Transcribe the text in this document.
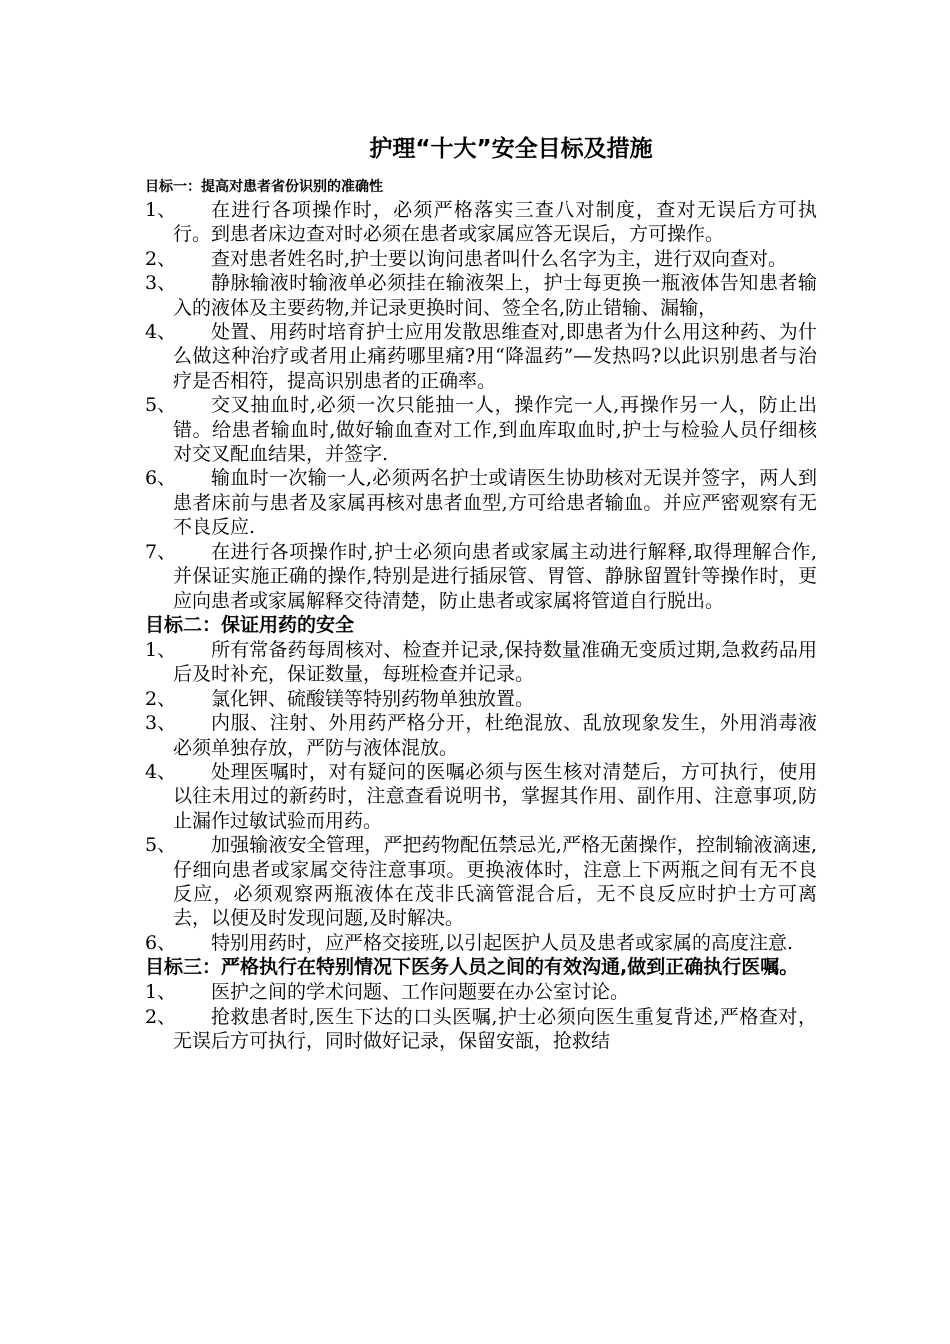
护理“十大”安全目标及措施

目标一：提高对患者省份识别的准确性

1、	在进行各项操作时，必须严格落实三查八对制度，查对无误后方可执行。到患者床边查对时必须在患者或家属应答无误后，方可操作。
2、	查对患者姓名时,护士要以询问患者叫什么名字为主，进行双向查对。
3、	静脉输液时输液单必须挂在输液架上，护士每更换一瓶液体告知患者输入的液体及主要药物,并记录更换时间、签全名,防止错输、漏输，
4、	处置、用药时培育护士应用发散思维查对,即患者为什么用这种药、为什么做这种治疗或者用止痛药哪里痛?用“降温药”—发热吗?以此识别患者与治疗是否相符，提高识别患者的正确率。
5、	交叉抽血时,必须一次只能抽一人，操作完一人,再操作另一人，防止出错。给患者输血时,做好输血查对工作,到血库取血时,护士与检验人员仔细核对交叉配血结果，并签字.
6、	输血时一次输一人,必须两名护士或请医生协助核对无误并签字，两人到患者床前与患者及家属再核对患者血型,方可给患者输血。并应严密观察有无不良反应.
7、	在进行各项操作时,护士必须向患者或家属主动进行解释,取得理解合作,并保证实施正确的操作,特别是进行插尿管、胃管、静脉留置针等操作时，更应向患者或家属解释交待清楚，防止患者或家属将管道自行脱出。

目标二：保证用药的安全

1、	所有常备药每周核对、检查并记录,保持数量准确无变质过期,急救药品用后及时补充，保证数量，每班检查并记录。
2、	氯化钾、硫酸镁等特别药物单独放置。
3、	内服、注射、外用药严格分开，杜绝混放、乱放现象发生，外用消毒液必须单独存放，严防与液体混放。
4、	处理医嘱时，对有疑问的医嘱必须与医生核对清楚后，方可执行，使用以往未用过的新药时，注意查看说明书，掌握其作用、副作用、注意事项,防止漏作过敏试验而用药。
5、	加强输液安全管理，严把药物配伍禁忌光,严格无菌操作，控制输液滴速,仔细向患者或家属交待注意事项。更换液体时，注意上下两瓶之间有无不良反应，必须观察两瓶液体在茂非氏滴管混合后，无不良反应时护士方可离去，以便及时发现问题,及时解决。
6、	特别用药时，应严格交接班,以引起医护人员及患者或家属的高度注意.

目标三：严格执行在特别情况下医务人员之间的有效沟通,做到正确执行医嘱。

1、	医护之间的学术问题、工作问题要在办公室讨论。
2、	抢救患者时,医生下达的口头医嘱,护士必须向医生重复背述,严格查对，无误后方可执行，同时做好记录，保留安瓿，抢救结
